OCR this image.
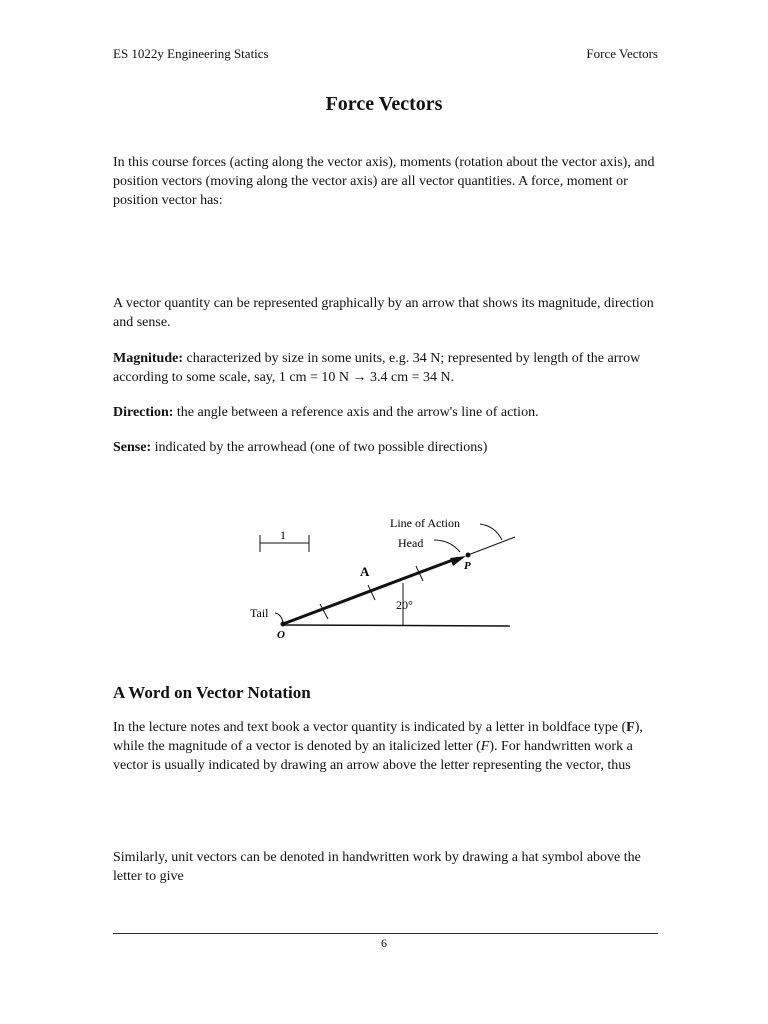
ES 1022y Engineering Statics	Force Vectors
Force Vectors

In this course forces (acting along the vector axis), moments (rotation about the vector axis), and position vectors (moving along the vector axis) are all vector quantities. A force, moment or position vector has:

A vector quantity can be represented graphically by an arrow that shows its magnitude, direction and sense.

Magnitude: characterized by size in some units, e.g. 34 N; represented by length of the arrow according to some scale, say, 1 cm = 10 N → 3.4 cm = 34 N.

Direction: the angle between a reference axis and the arrow's line of action.

Sense: indicated by the arrowhead (one of two possible directions)

1
Line of Action
Head
A	P
20°
Tail
O
A Word on Vector Notation

In the lecture notes and text book a vector quantity is indicated by a letter in boldface type (F), while the magnitude of a vector is denoted by an italicized letter (F). For handwritten work a vector is usually indicated by drawing an arrow above the letter representing the vector, thus

Similarly, unit vectors can be denoted in handwritten work by drawing a hat symbol above the letter to give

6
